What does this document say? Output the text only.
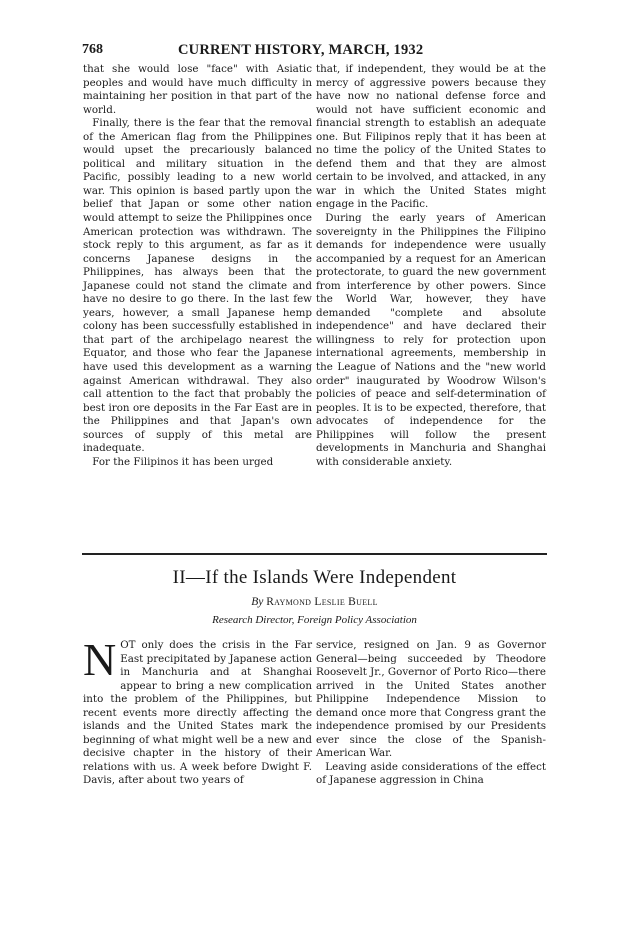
768	CURRENT HISTORY, MARCH, 1932

that she would lose "face" with Asiatic peoples and would have much difficulty in maintaining her position in that part of the world.

Finally, there is the fear that the removal of the American flag from the Philippines would upset the precariously balanced political and military situation in the Pacific, possibly leading to a new world war. This opinion is based partly upon the belief that Japan or some other nation would attempt to seize the Philippines once American protection was withdrawn. The stock reply to this argument, as far as it concerns Japanese designs in the Philippines, has always been that the Japanese could not stand the climate and have no desire to go there. In the last few years, however, a small Japanese hemp colony has been successfully established in that part of the archipelago nearest the Equator, and those who fear the Japanese have used this development as a warning against American withdrawal. They also call attention to the fact that probably the best iron ore deposits in the Far East are in the Philippines and that Japan's own sources of supply of this metal are inadequate.

For the Filipinos it has been urged

that, if independent, they would be at the mercy of aggressive powers because they have now no national defense force and would not have sufficient economic and financial strength to establish an adequate one. But Filipinos reply that it has been at no time the policy of the United States to defend them and that they are almost certain to be involved, and attacked, in any war in which the United States might engage in the Pacific.

During the early years of American sovereignty in the Philippines the Filipino demands for independence were usually accompanied by a request for an American protectorate, to guard the new government from interference by other powers. Since the World War, however, they have demanded "complete and absolute independence" and have declared their willingness to rely for protection upon international agreements, membership in the League of Nations and the "new world order" inaugurated by Woodrow Wilson's policies of peace and self-determination of peoples. It is to be expected, therefore, that advocates of independence for the Philippines will follow the present developments in Manchuria and Shanghai with considerable anxiety.

II—If the Islands Were Independent
By Raymond Leslie Buell
Research Director, Foreign Policy Association

NOT only does the crisis in the Far East precipitated by Japanese action in Manchuria and at Shanghai appear to bring a new complication into the problem of the Philippines, but recent events more directly affecting the islands and the United States mark the beginning of what might well be a new and decisive chapter in the history of their relations with us. A week before Dwight F. Davis, after about two years of

service, resigned on Jan. 9 as Governor General—being succeeded by Theodore Roosevelt Jr., Governor of Porto Rico—there arrived in the United States another Philippine Independence Mission to demand once more that Congress grant the independence promised by our Presidents ever since the close of the Spanish-American War.

Leaving aside considerations of the effect of Japanese aggression in China
